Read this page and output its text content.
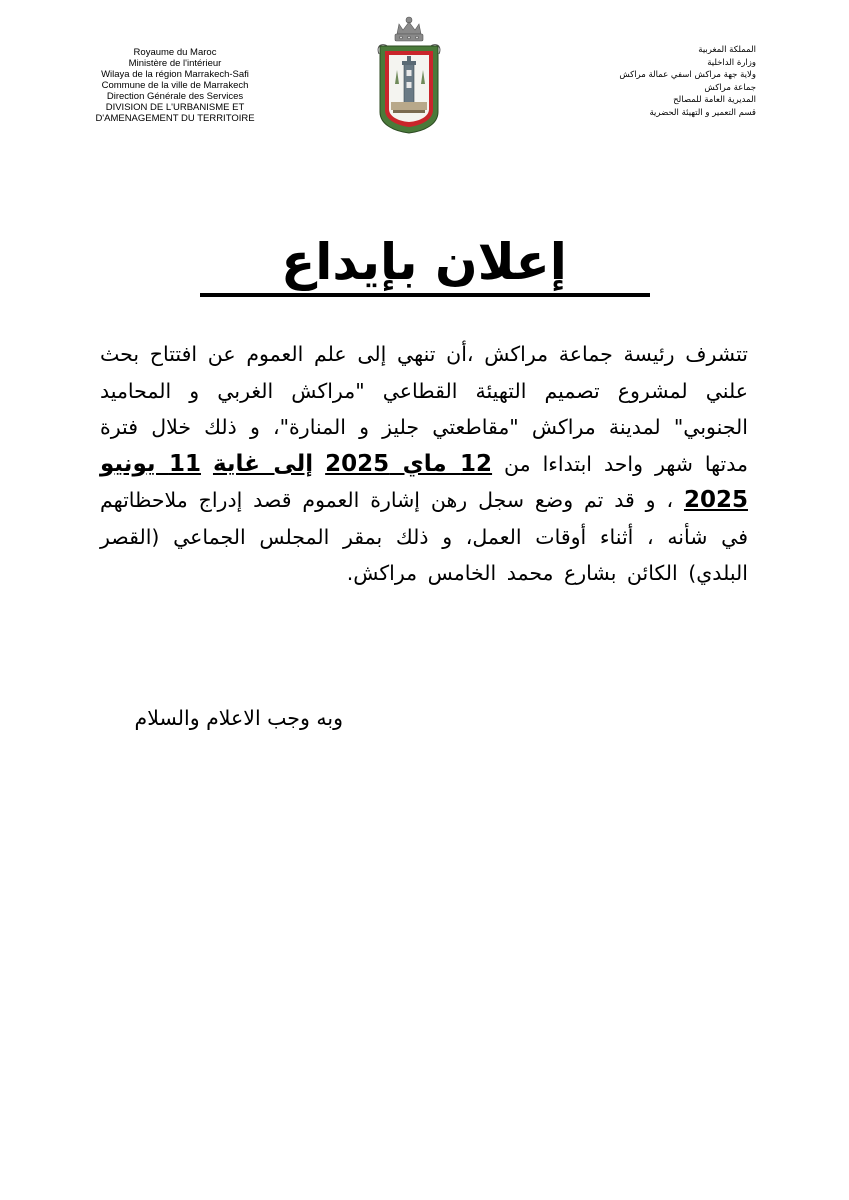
Royaume du Maroc
Ministère de l'intérieur
Wilaya de la région Marrakech-Safi
Commune de la ville de Marrakech
Direction Générale des Services
DIVISION DE L'URBANISME ET
D'AMENAGEMENT DU TERRITOIRE
المملكة المغربية
وزارة الداخلية
ولاية جهة مراكش اسفي عمالة مراكش
جماعة مراكش
المديرية العامة للمصالح
قسم التعمير و التهيئة الحضرية
إعلان بإيداع
تتشرف رئيسة جماعة مراكش ،أن تنهي إلى علم العموم عن افتتاح بحث علني لمشروع تصميم التهيئة القطاعي "مراكش الغربي و المحاميد الجنوبي" لمدينة مراكش "مقاطعتي جليز و المنارة"، و ذلك خلال فترة مدتها شهر واحد ابتداءا من 12 ماي 2025 إلى غاية 11 يونيو 2025 ، و قد تم وضع سجل رهن إشارة العموم قصد إدراج ملاحظاتهم في شأنه ، أثناء أوقات العمل، و ذلك بمقر المجلس الجماعي (القصر البلدي) الكائن بشارع محمد الخامس مراكش.
وبه وجب الاعلام والسلام
